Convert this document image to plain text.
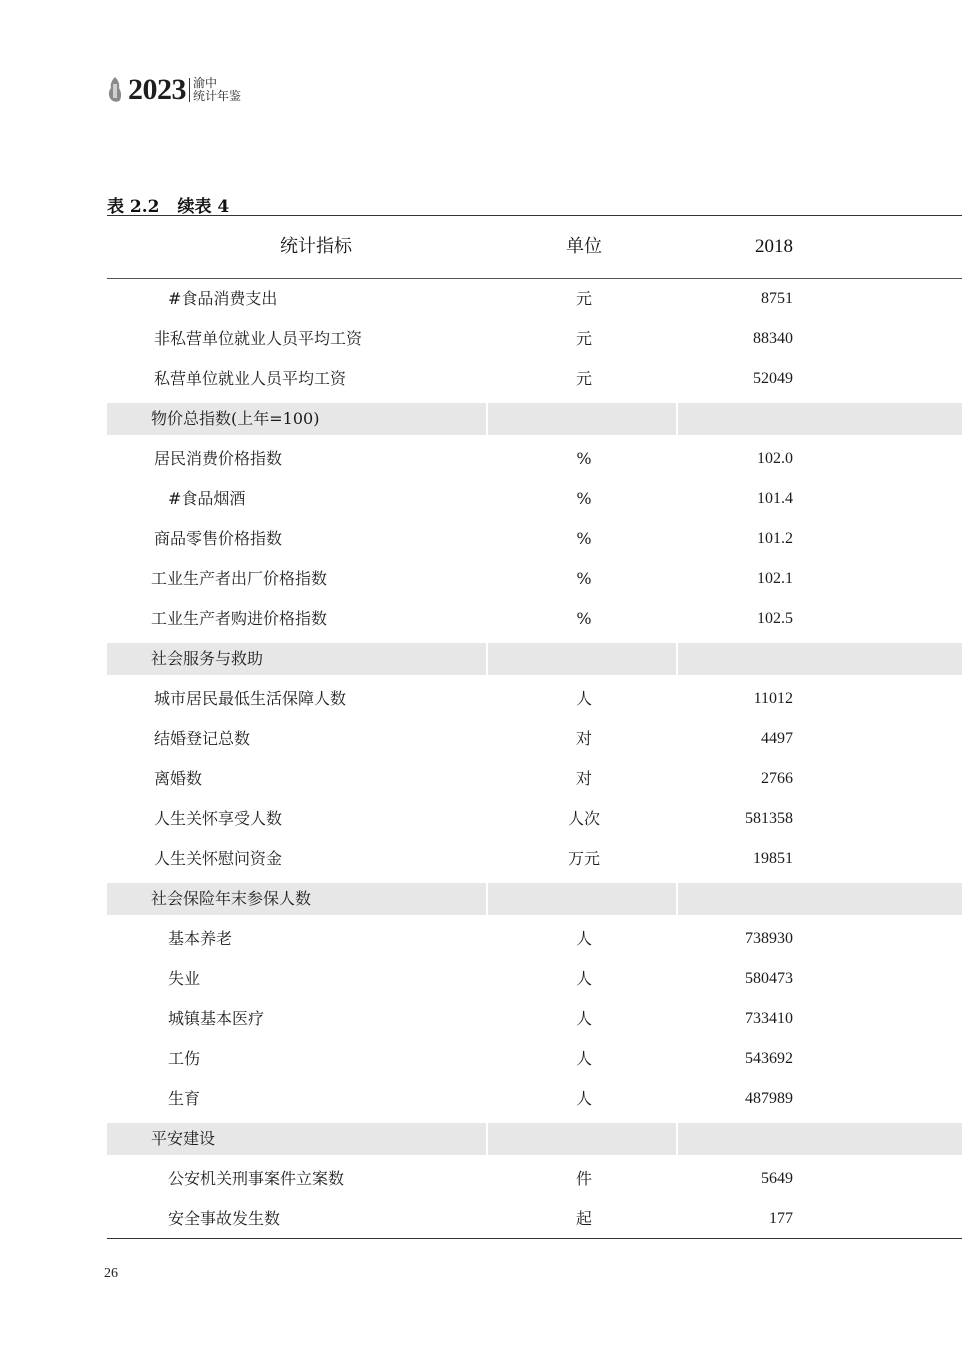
2023 渝中
统计年鉴
表 2.2 续表 4
统计指标	单位	2018
#食品消费支出	元	8751
非私营单位就业人员平均工资	元	88340
私营单位就业人员平均工资	元	52049
物价总指数(上年=100)
居民消费价格指数	%	102.0
#食品烟酒	%	101.4
商品零售价格指数	%	101.2
工业生产者出厂价格指数	%	102.1
工业生产者购进价格指数	%	102.5
社会服务与救助
城市居民最低生活保障人数	人	11012
结婚登记总数	对	4497
离婚数	对	2766
人生关怀享受人数	人次	581358
人生关怀慰问资金	万元	19851
社会保险年末参保人数
基本养老	人	738930
失业	人	580473
城镇基本医疗	人	733410
工伤	人	543692
生育	人	487989
平安建设
公安机关刑事案件立案数	件	5649
安全事故发生数	起	177
26
